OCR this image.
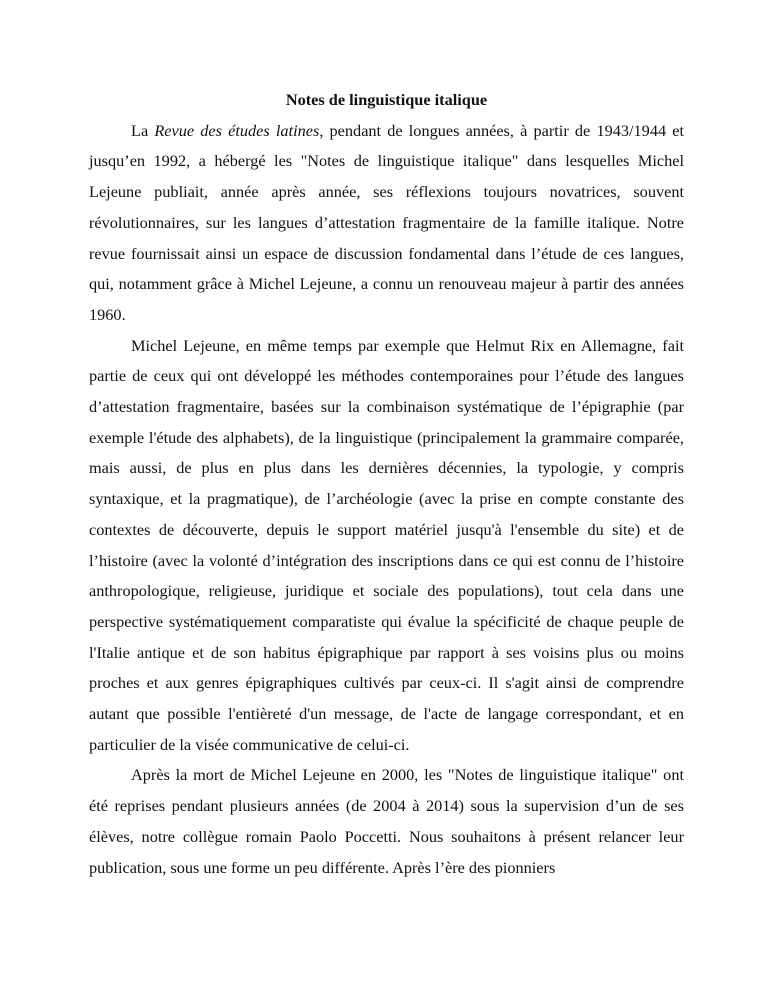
Notes de linguistique italique

La Revue des études latines, pendant de longues années, à partir de 1943/1944 et jusqu’en 1992, a hébergé les "Notes de linguistique italique" dans lesquelles Michel Lejeune publiait, année après année, ses réflexions toujours novatrices, souvent révolutionnaires, sur les langues d’attestation fragmentaire de la famille italique. Notre revue fournissait ainsi un espace de discussion fondamental dans l’étude de ces langues, qui, notamment grâce à Michel Lejeune, a connu un renouveau majeur à partir des années 1960.

Michel Lejeune, en même temps par exemple que Helmut Rix en Allemagne, fait partie de ceux qui ont développé les méthodes contemporaines pour l’étude des langues d’attestation fragmentaire, basées sur la combinaison systématique de l’épigraphie (par exemple l'étude des alphabets), de la linguistique (principalement la grammaire comparée, mais aussi, de plus en plus dans les dernières décennies, la typologie, y compris syntaxique, et la pragmatique), de l’archéologie (avec la prise en compte constante des contextes de découverte, depuis le support matériel jusqu'à l'ensemble du site) et de l’histoire (avec la volonté d’intégration des inscriptions dans ce qui est connu de l’histoire anthropologique, religieuse, juridique et sociale des populations), tout cela dans une perspective systématiquement comparatiste qui évalue la spécificité de chaque peuple de l'Italie antique et de son habitus épigraphique par rapport à ses voisins plus ou moins proches et aux genres épigraphiques cultivés par ceux-ci. Il s'agit ainsi de comprendre autant que possible l'entièreté d'un message, de l'acte de langage correspondant, et en particulier de la visée communicative de celui-ci.

Après la mort de Michel Lejeune en 2000, les "Notes de linguistique italique" ont été reprises pendant plusieurs années (de 2004 à 2014) sous la supervision d’un de ses élèves, notre collègue romain Paolo Poccetti. Nous souhaitons à présent relancer leur publication, sous une forme un peu différente. Après l’ère des pionniers
